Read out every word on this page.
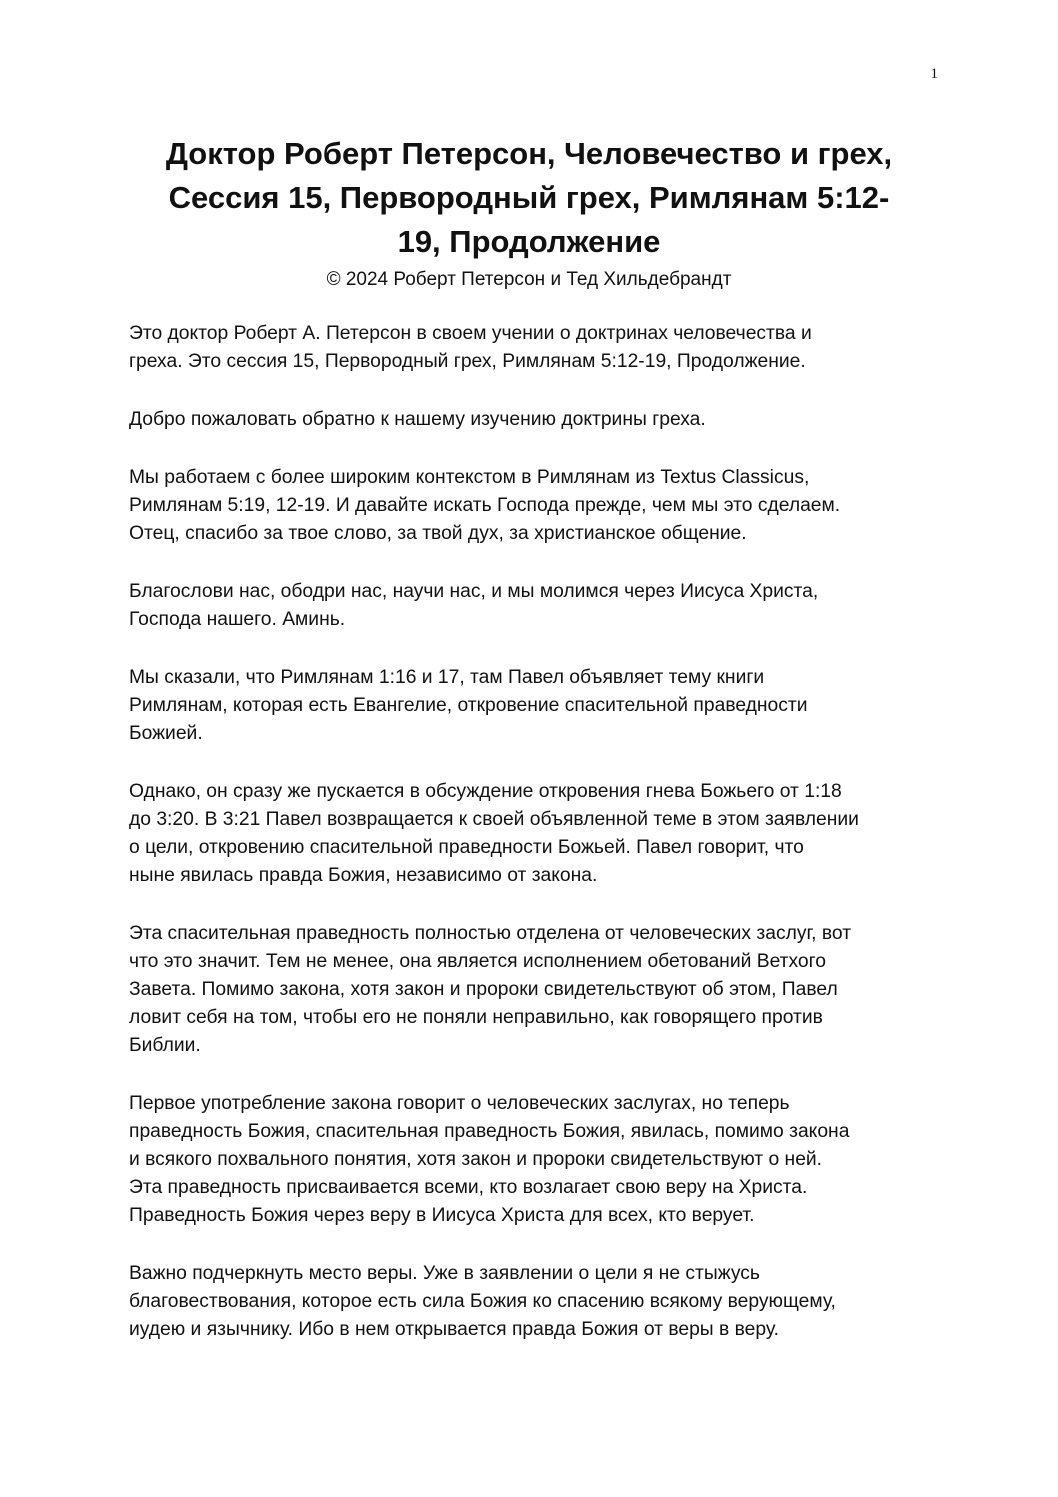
1
Доктор Роберт Петерсон, Человечество и грех,
Сессия 15, Первородный грех, Римлянам 5:12-
19, Продолжение
© 2024 Роберт Петерсон и Тед Хильдебрандт

Это доктор Роберт А. Петерсон в своем учении о доктринах человечества и
греха. Это сессия 15, Первородный грех, Римлянам 5:12-19, Продолжение.

Добро пожаловать обратно к нашему изучению доктрины греха.

Мы работаем с более широким контекстом в Римлянам из Textus Classicus,
Римлянам 5:19, 12-19. И давайте искать Господа прежде, чем мы это сделаем.
Отец, спасибо за твое слово, за твой дух, за христианское общение.

Благослови нас, ободри нас, научи нас, и мы молимся через Иисуса Христа,
Господа нашего. Аминь.

Мы сказали, что Римлянам 1:16 и 17, там Павел объявляет тему книги
Римлянам, которая есть Евангелие, откровение спасительной праведности
Божией.

Однако, он сразу же пускается в обсуждение откровения гнева Божьего от 1:18
до 3:20. В 3:21 Павел возвращается к своей объявленной теме в этом заявлении
о цели, откровению спасительной праведности Божьей. Павел говорит, что
ныне явилась правда Божия, независимо от закона.

Эта спасительная праведность полностью отделена от человеческих заслуг, вот
что это значит. Тем не менее, она является исполнением обетований Ветхого
Завета. Помимо закона, хотя закон и пророки свидетельствуют об этом, Павел
ловит себя на том, чтобы его не поняли неправильно, как говорящего против
Библии.

Первое употребление закона говорит о человеческих заслугах, но теперь
праведность Божия, спасительная праведность Божия, явилась, помимо закона
и всякого похвального понятия, хотя закон и пророки свидетельствуют о ней.
Эта праведность присваивается всеми, кто возлагает свою веру на Христа.
Праведность Божия через веру в Иисуса Христа для всех, кто верует.

Важно подчеркнуть место веры. Уже в заявлении о цели я не стыжусь
благовествования, которое есть сила Божия ко спасению всякому верующему,
иудею и язычнику. Ибо в нем открывается правда Божия от веры в веру.
